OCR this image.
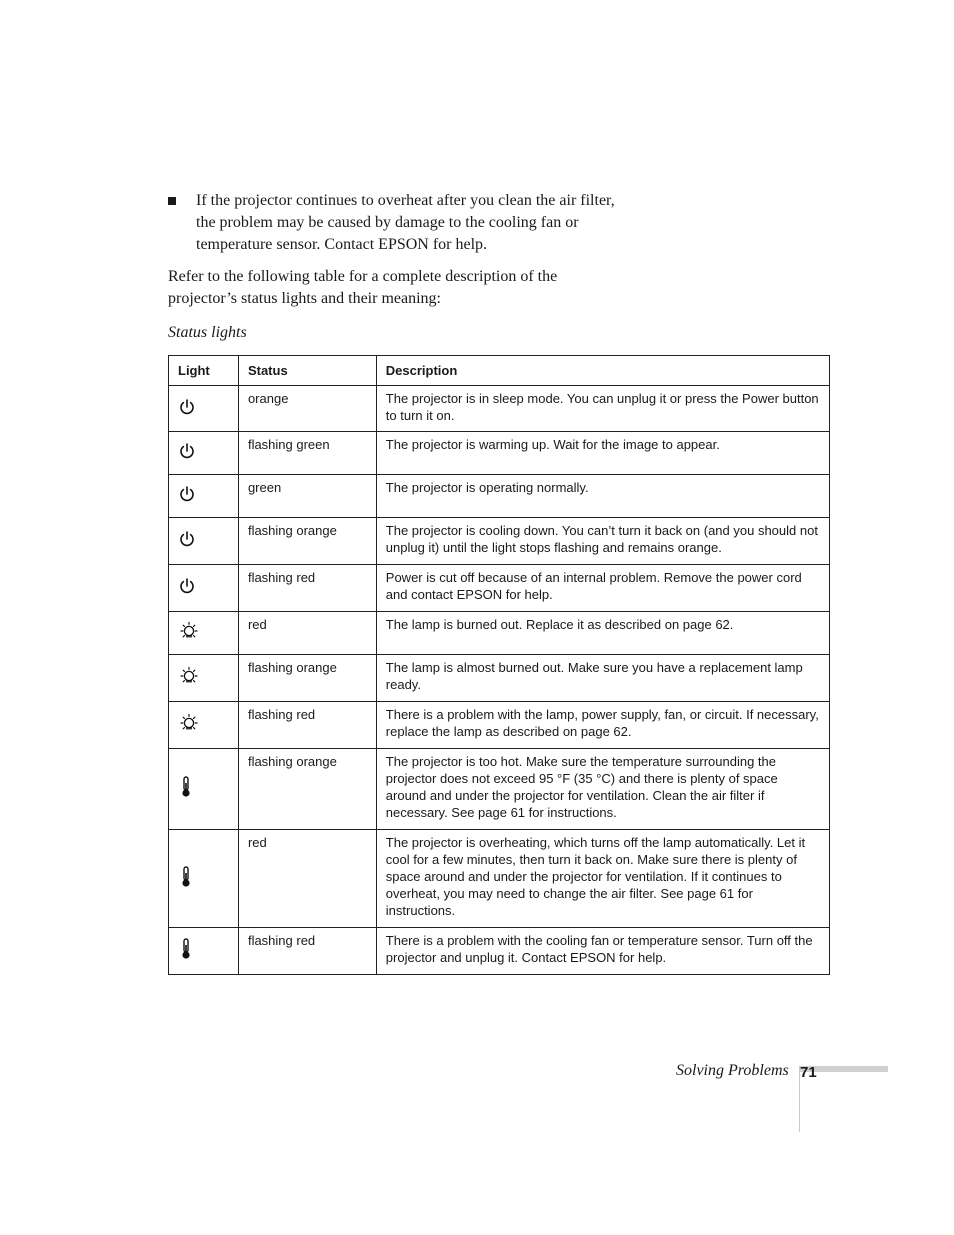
If the projector continues to overheat after you clean the air filter, the problem may be caused by damage to the cooling fan or temperature sensor. Contact EPSON for help.
Refer to the following table for a complete description of the projector’s status lights and their meaning:
Status lights
Light	Status	Description

	orange	The projector is in sleep mode. You can unplug it or press the Power button to turn it on.

	flashing green	The projector is warming up. Wait for the image to appear.

	green	The projector is operating normally.

	flashing orange	The projector is cooling down. You can’t turn it back on (and you should not unplug it) until the light stops flashing and remains orange.

	flashing red	Power is cut off because of an internal problem. Remove the power cord and contact EPSON for help.

	red	The lamp is burned out. Replace it as described on page 62.

	flashing orange	The lamp is almost burned out. Make sure you have a replacement lamp ready.

	flashing red	There is a problem with the lamp, power supply, fan, or circuit. If necessary, replace the lamp as described on page 62.

	flashing orange	The projector is too hot. Make sure the temperature surrounding the projector does not exceed 95 °F (35 °C) and there is plenty of space around and under the projector for ventilation. Clean the air filter if necessary. See page 61 for instructions.

	red	The projector is overheating, which turns off the lamp automatically. Let it cool for a few minutes, then turn it back on. Make sure there is plenty of space around and under the projector for ventilation. If it continues to overheat, you may need to change the air filter. See page 61 for instructions.

	flashing red	There is a problem with the cooling fan or temperature sensor. Turn off the projector and unplug it. Contact EPSON for help.
Solving Problems 71
